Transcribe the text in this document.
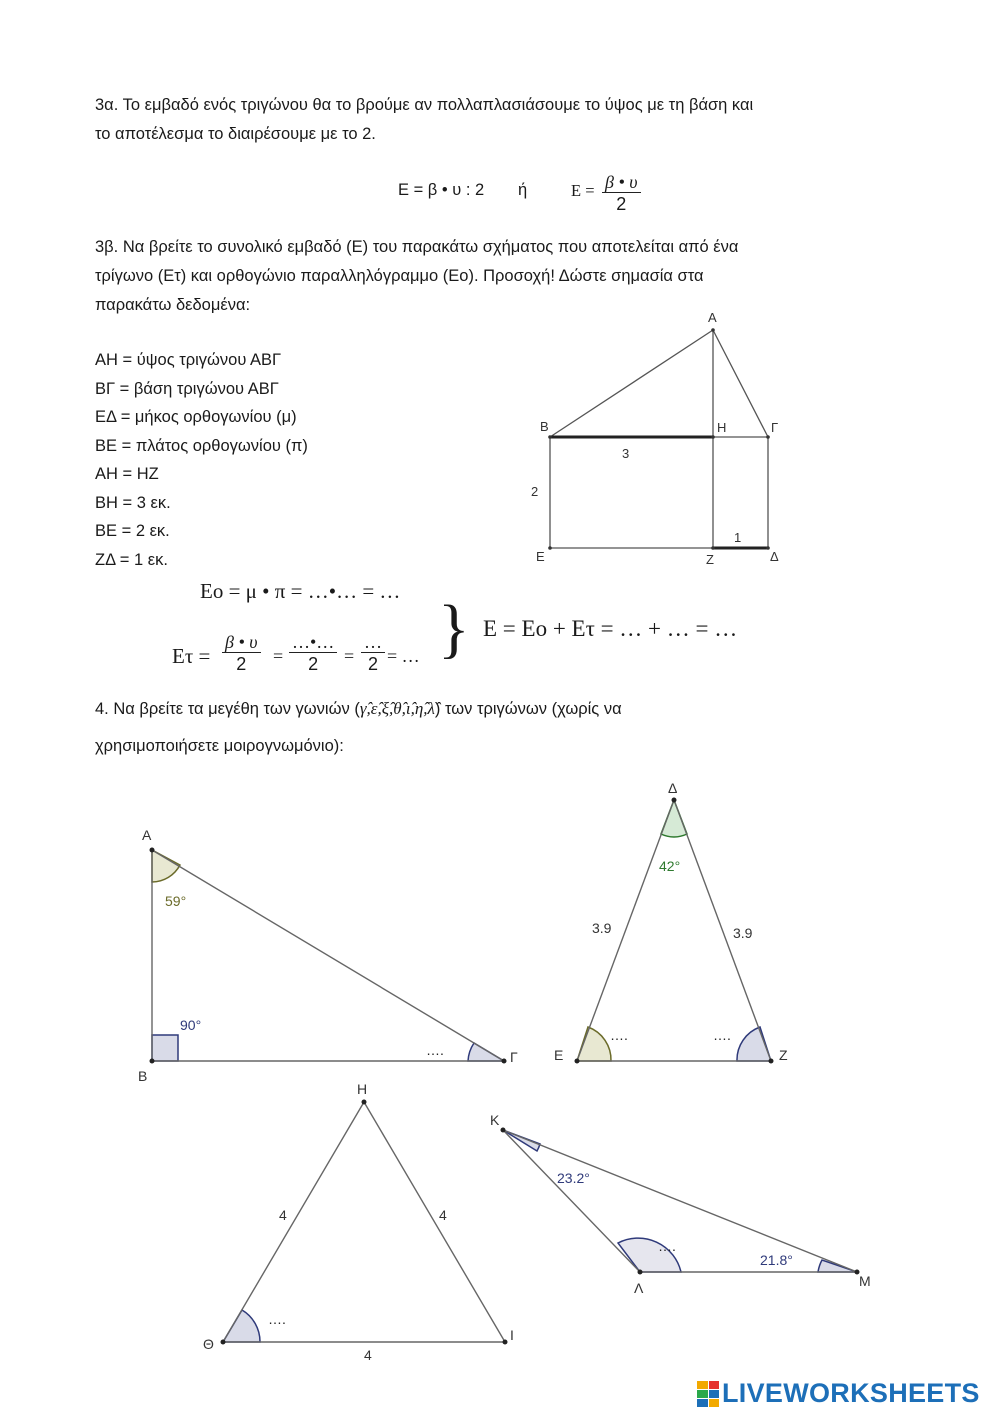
3α. Το εμβαδό ενός τριγώνου θα το βρούμε αν πολλαπλασιάσουμε το ύψος με τη βάση και
το αποτέλεσμα το διαιρέσουμε με το 2.
Ε = β • υ : 2 ή	Ε = β • υ
2
3β. Να βρείτε το συνολικό εμβαδό (Ε) του παρακάτω σχήματος που αποτελείται από ένα
τρίγωνο (Ετ) και ορθογώνιο παραλληλόγραμμο (Εο). Προσοχή! Δώστε σημασία στα
παρακάτω δεδομένα:
ΑΗ = ύψος τριγώνου ΑΒΓ
ΒΓ = βάση τριγώνου ΑΒΓ
ΕΔ = μήκος ορθογωνίου (μ)
ΒΕ = πλάτος ορθογωνίου (π)
ΑΗ = ΗΖ
ΒΗ = 3 εκ.
ΒΕ = 2 εκ.
ΖΔ = 1 εκ.
Α
Β	Η	Γ
Ε	Ζ	Δ
3
2
1
Εο = μ • π = …•… = …
Ετ =
β • υ
2 =
…•…
2 =
…
2 = … } Ε = Εο + Ετ = … + … = …
4. Να βρείτε τα μεγέθη των γωνιών (γ̂,ε̂,ξ̂,θ̂,ι̂,η̂,λ̂) των τριγώνων (χωρίς να
χρησιμοποιήσετε μοιρογνωμόνιο):
Α
Β
Γ
59°
90°
….
Δ
Ε	Ζ
42°
3.9	3.9
….	….
Η
Θ
Ι
4	4
4
….
Κ
Λ	Μ
23.2°
21.8°
….
LIVEWORKSHEETS
